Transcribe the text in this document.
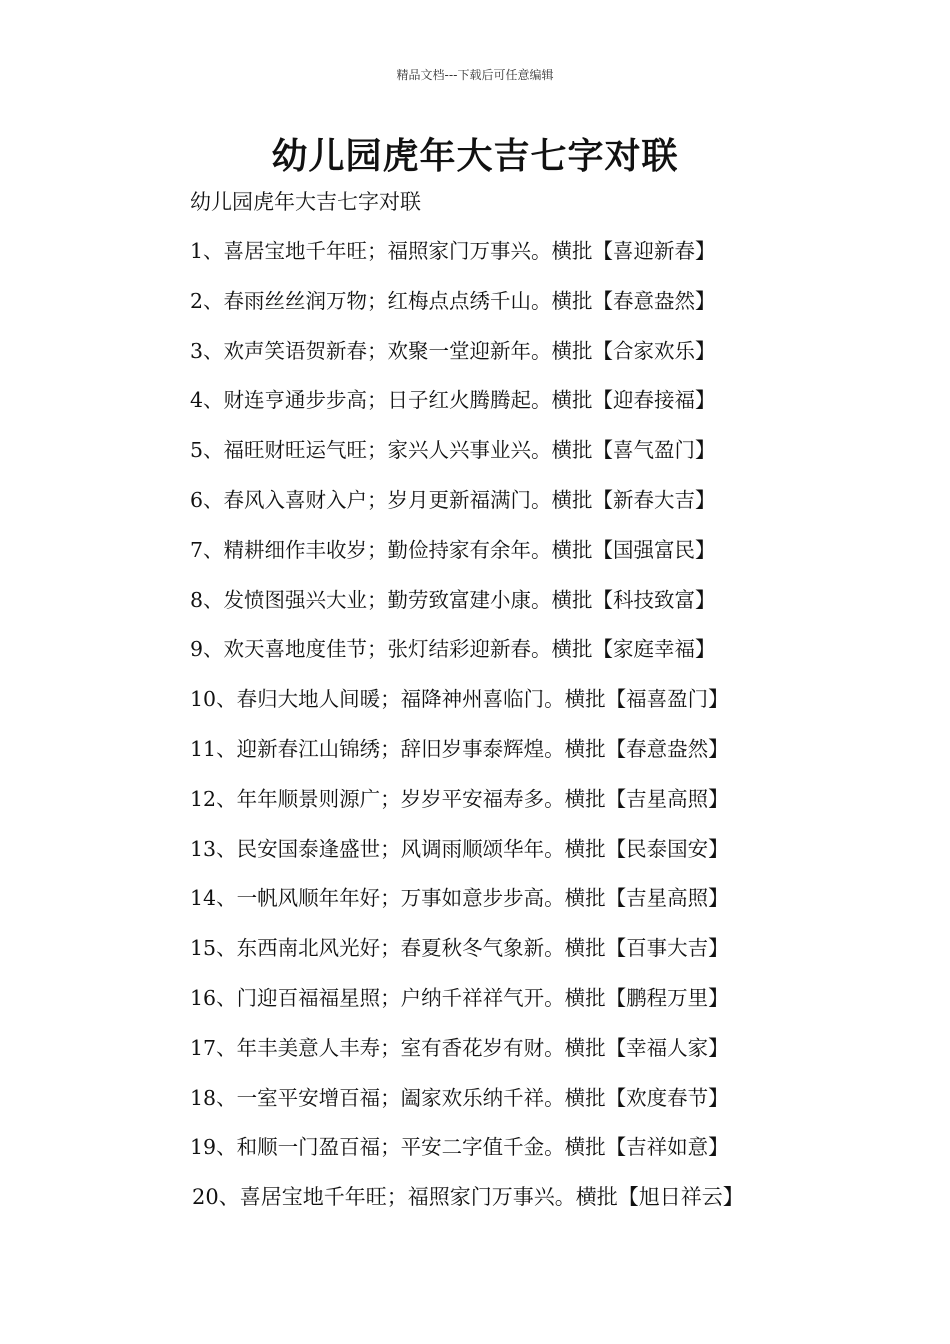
精品文档---下载后可任意编辑
幼儿园虎年大吉七字对联
幼儿园虎年大吉七字对联
1、喜居宝地千年旺；福照家门万事兴。横批【喜迎新春】
2、春雨丝丝润万物；红梅点点绣千山。横批【春意盎然】
3、欢声笑语贺新春；欢聚一堂迎新年。横批【合家欢乐】
4、财连亨通步步高；日子红火腾腾起。横批【迎春接福】
5、福旺财旺运气旺；家兴人兴事业兴。横批【喜气盈门】
6、春风入喜财入户；岁月更新福满门。横批【新春大吉】
7、精耕细作丰收岁；勤俭持家有余年。横批【国强富民】
8、发愤图强兴大业；勤劳致富建小康。横批【科技致富】
9、欢天喜地度佳节；张灯结彩迎新春。横批【家庭幸福】
10、春归大地人间暖；福降神州喜临门。横批【福喜盈门】
11、迎新春江山锦绣；辞旧岁事泰辉煌。横批【春意盎然】
12、年年顺景则源广；岁岁平安福寿多。横批【吉星高照】
13、民安国泰逢盛世；风调雨顺颂华年。横批【民泰国安】
14、一帆风顺年年好；万事如意步步高。横批【吉星高照】
15、东西南北风光好；春夏秋冬气象新。横批【百事大吉】
16、门迎百福福星照；户纳千祥祥气开。横批【鹏程万里】
17、年丰美意人丰寿；室有香花岁有财。横批【幸福人家】
18、一室平安增百福；阖家欢乐纳千祥。横批【欢度春节】
19、和顺一门盈百福；平安二字值千金。横批【吉祥如意】
20、喜居宝地千年旺；福照家门万事兴。横批【旭日祥云】
